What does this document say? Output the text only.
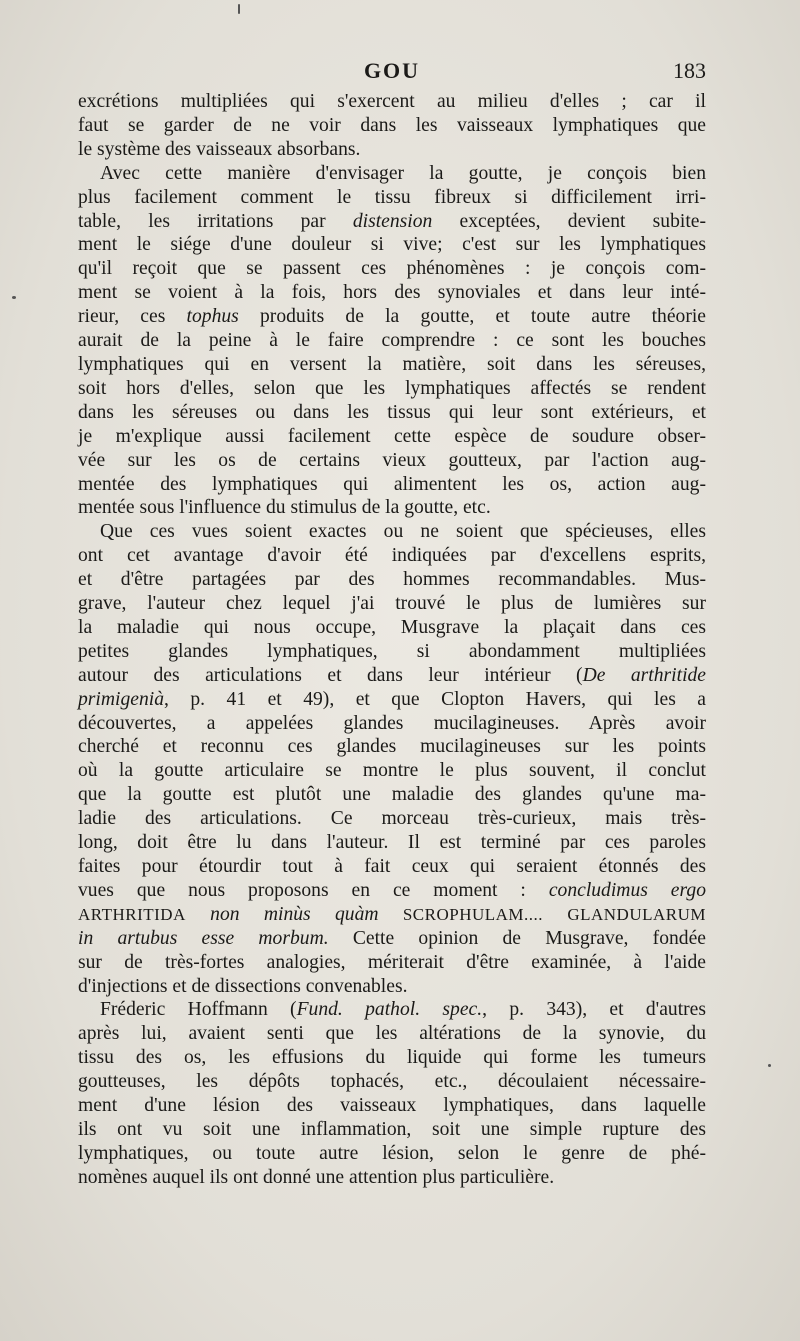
GOU	183
excrétions multipliées qui s'exercent au milieu d'elles ; car il
faut se garder de ne voir dans les vaisseaux lymphatiques que
le système des vaisseaux absorbans.
Avec cette manière d'envisager la goutte, je conçois bien
plus facilement comment le tissu fibreux si difficilement irri-
table, les irritations par distension exceptées, devient subite-
ment le siége d'une douleur si vive; c'est sur les lymphatiques
qu'il reçoit que se passent ces phénomènes : je conçois com-
ment se voient à la fois, hors des synoviales et dans leur inté-
rieur, ces tophus produits de la goutte, et toute autre théorie
aurait de la peine à le faire comprendre : ce sont les bouches
lymphatiques qui en versent la matière, soit dans les séreuses,
soit hors d'elles, selon que les lymphatiques affectés se rendent
dans les séreuses ou dans les tissus qui leur sont extérieurs, et
je m'explique aussi facilement cette espèce de soudure obser-
vée sur les os de certains vieux goutteux, par l'action aug-
mentée des lymphatiques qui alimentent les os, action aug-
mentée sous l'influence du stimulus de la goutte, etc.
Que ces vues soient exactes ou ne soient que spécieuses, elles
ont cet avantage d'avoir été indiquées par d'excellens esprits,
et d'être partagées par des hommes recommandables. Mus-
grave, l'auteur chez lequel j'ai trouvé le plus de lumières sur
la maladie qui nous occupe, Musgrave la plaçait dans ces
petites glandes lymphatiques, si abondamment multipliées
autour des articulations et dans leur intérieur (De arthritide
primigenià, p. 41 et 49), et que Clopton Havers, qui les a
découvertes, a appelées glandes mucilagineuses. Après avoir
cherché et reconnu ces glandes mucilagineuses sur les points
où la goutte articulaire se montre le plus souvent, il conclut
que la goutte est plutôt une maladie des glandes qu'une ma-
ladie des articulations. Ce morceau très-curieux, mais très-
long, doit être lu dans l'auteur. Il est terminé par ces paroles
faites pour étourdir tout à fait ceux qui seraient étonnés des
vues que nous proposons en ce moment : concludimus ergo
ARTHRITIDA non minùs quàm SCROPHULAM.... GLANDULARUM
in artubus esse morbum. Cette opinion de Musgrave, fondée
sur de très-fortes analogies, mériterait d'être examinée, à l'aide
d'injections et de dissections convenables.
Fréderic Hoffmann (Fund. pathol. spec., p. 343), et d'autres
après lui, avaient senti que les altérations de la synovie, du
tissu des os, les effusions du liquide qui forme les tumeurs
goutteuses, les dépôts tophacés, etc., découlaient nécessaire-
ment d'une lésion des vaisseaux lymphatiques, dans laquelle
ils ont vu soit une inflammation, soit une simple rupture des
lymphatiques, ou toute autre lésion, selon le genre de phé-
nomènes auquel ils ont donné une attention plus particulière.
